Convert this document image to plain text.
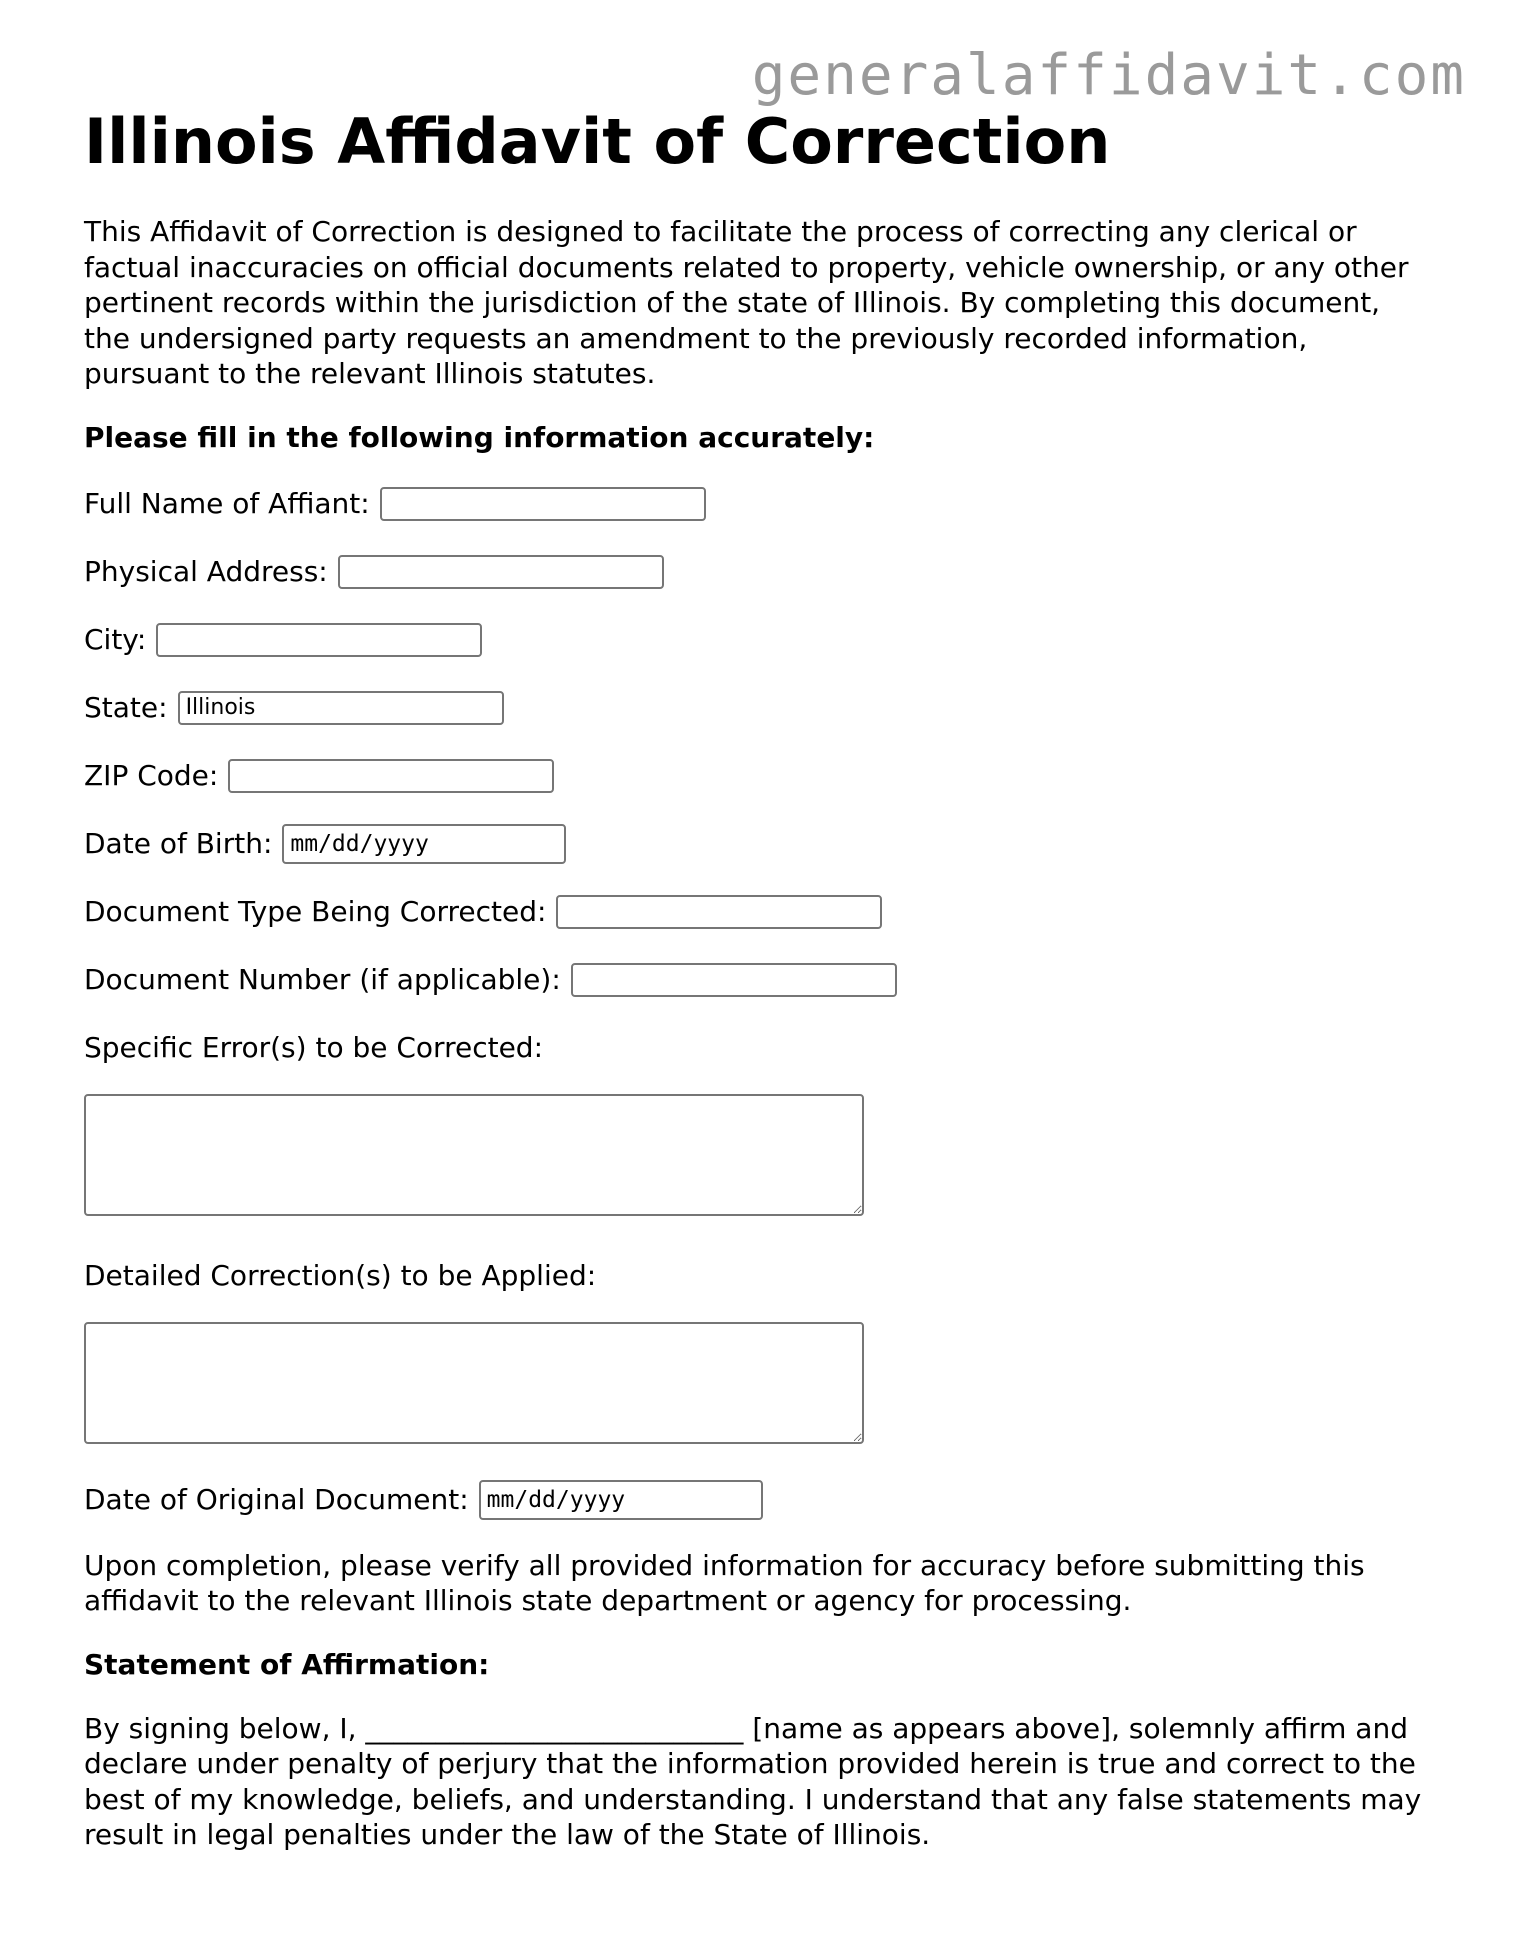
generalaffidavit.com
Illinois Affidavit of Correction

This Affidavit of Correction is designed to facilitate the process of correcting any clerical or factual inaccuracies on official documents related to property, vehicle ownership, or any other pertinent records within the jurisdiction of the state of Illinois. By completing this document, the undersigned party requests an amendment to the previously recorded information, pursuant to the relevant Illinois statutes.

Please fill in the following information accurately:
Full Name of Affiant:
Physical Address:
City:
State:
Illinois
ZIP Code:
Date of Birth: mm/dd/yyyy
Document Type Being Corrected:
Document Number (if applicable):
Specific Error(s) to be Corrected:
Detailed Correction(s) to be Applied:
Date of Original Document: mm/dd/yyyy

Upon completion, please verify all provided information for accuracy before submitting this affidavit to the relevant Illinois state department or agency for processing.

Statement of Affirmation:

By signing below, I, ___________________________ [name as appears above], solemnly affirm and declare under penalty of perjury that the information provided herein is true and correct to the best of my knowledge, beliefs, and understanding. I understand that any false statements may result in legal penalties under the law of the State of Illinois.
